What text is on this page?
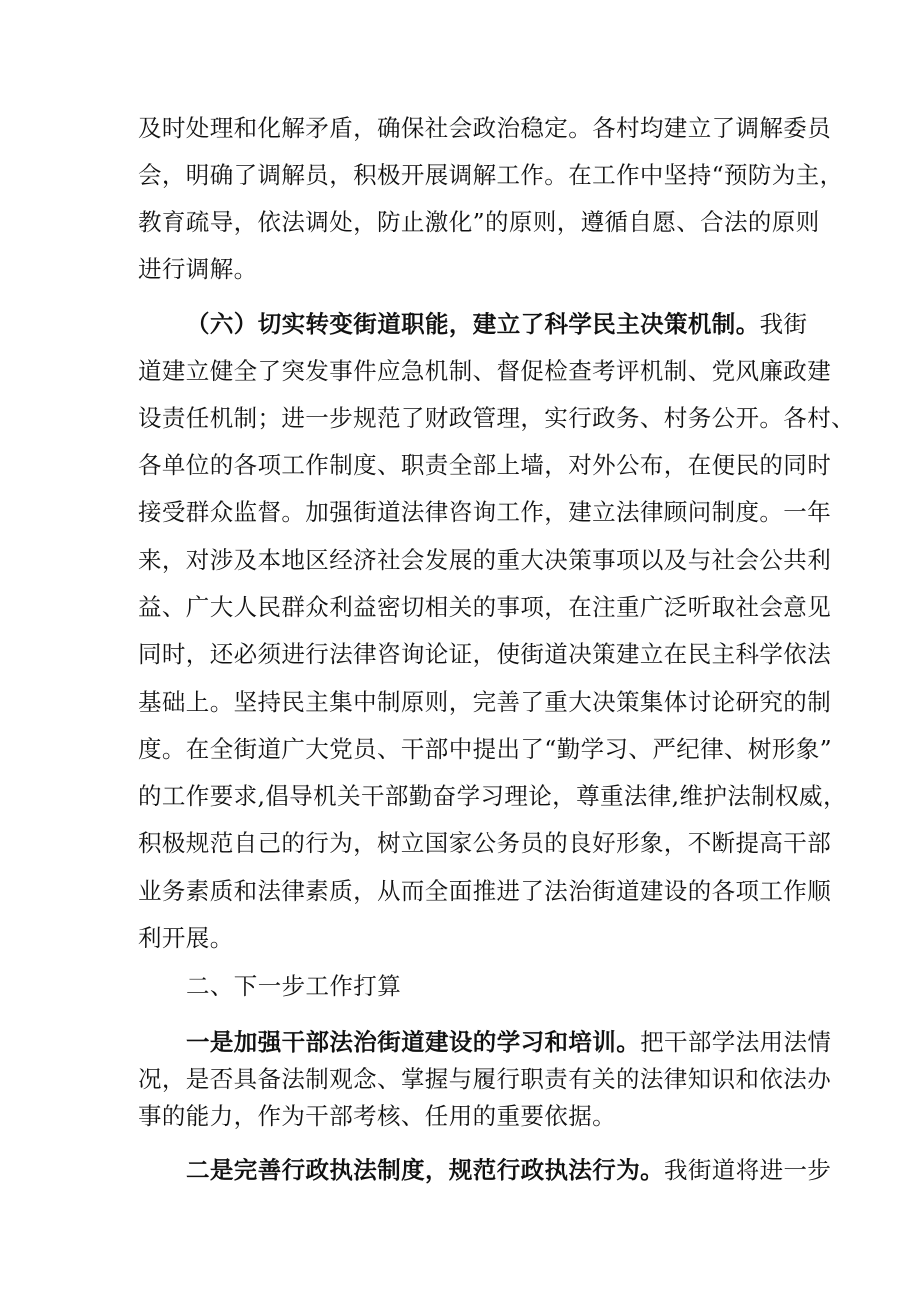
及时处理和化解矛盾，确保社会政治稳定。各村均建立了调解委员
会，明确了调解员，积极开展调解工作。在工作中坚持“预防为主，
教育疏导，依法调处，防止激化”的原则，遵循自愿、合法的原则
进行调解。
（六）切实转变街道职能，建立了科学民主决策机制。我街
道建立健全了突发事件应急机制、督促检查考评机制、党风廉政建
设责任机制；进一步规范了财政管理，实行政务、村务公开。各村、
各单位的各项工作制度、职责全部上墙，对外公布，在便民的同时
接受群众监督。加强街道法律咨询工作，建立法律顾问制度。一年
来，对涉及本地区经济社会发展的重大决策事项以及与社会公共利
益、广大人民群众利益密切相关的事项，在注重广泛听取社会意见
同时，还必须进行法律咨询论证，使街道决策建立在民主科学依法
基础上。坚持民主集中制原则，完善了重大决策集体讨论研究的制
度。在全街道广大党员、干部中提出了“勤学习、严纪律、树形象”
的工作要求,倡导机关干部勤奋学习理论，尊重法律,维护法制权威，
积极规范自己的行为，树立国家公务员的良好形象，不断提高干部
业务素质和法律素质，从而全面推进了法治街道建设的各项工作顺
利开展。
二、下一步工作打算
一是加强干部法治街道建设的学习和培训。把干部学法用法情
况，是否具备法制观念、掌握与履行职责有关的法律知识和依法办
事的能力，作为干部考核、任用的重要依据。
二是完善行政执法制度，规范行政执法行为。我街道将进一步
